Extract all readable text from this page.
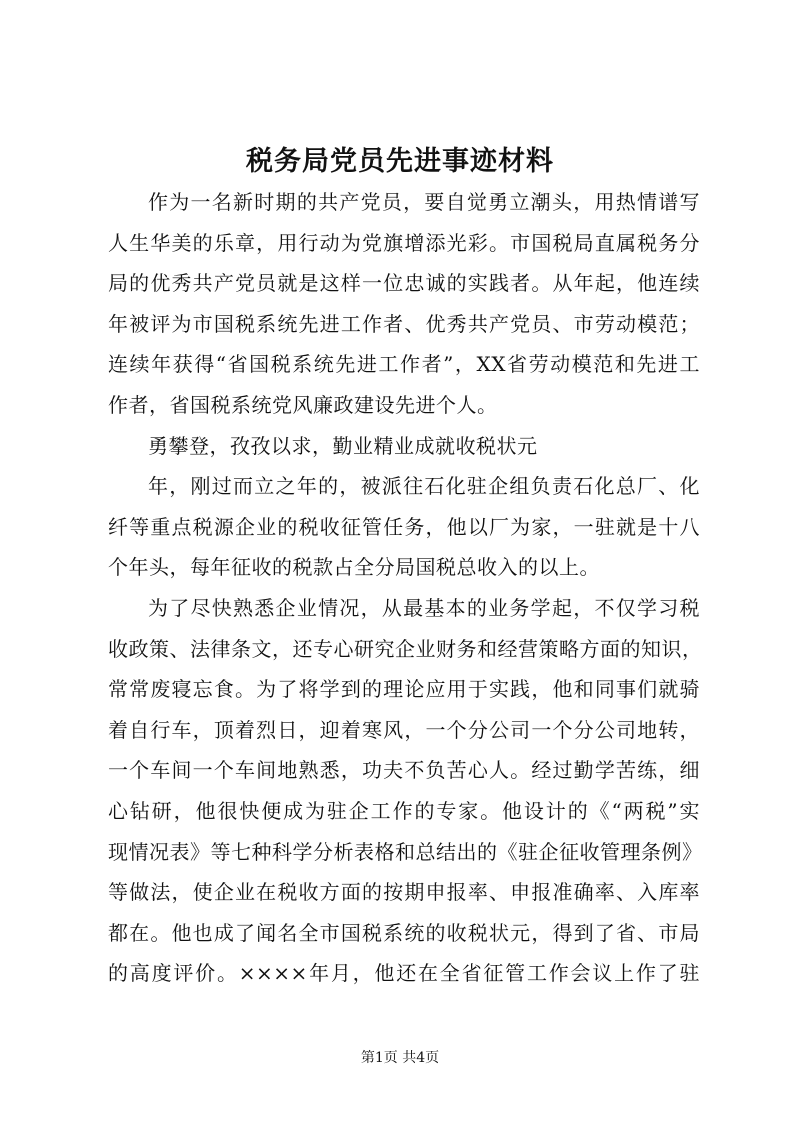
税务局党员先进事迹材料
作为一名新时期的共产党员，要自觉勇立潮头，用热情谱写
人生华美的乐章，用行动为党旗增添光彩。市国税局直属税务分
局的优秀共产党员就是这样一位忠诚的实践者。从年起，他连续
年被评为市国税系统先进工作者、优秀共产党员、市劳动模范；
连续年获得“省国税系统先进工作者”，XX省劳动模范和先进工
作者，省国税系统党风廉政建设先进个人。
勇攀登，孜孜以求，勤业精业成就收税状元
年，刚过而立之年的，被派往石化驻企组负责石化总厂、化
纤等重点税源企业的税收征管任务，他以厂为家，一驻就是十八
个年头，每年征收的税款占全分局国税总收入的以上。
为了尽快熟悉企业情况，从最基本的业务学起，不仅学习税
收政策、法律条文，还专心研究企业财务和经营策略方面的知识，
常常废寝忘食。为了将学到的理论应用于实践，他和同事们就骑
着自行车，顶着烈日，迎着寒风，一个分公司一个分公司地转，
一个车间一个车间地熟悉，功夫不负苦心人。经过勤学苦练，细
心钻研，他很快便成为驻企工作的专家。他设计的《“两税”实
现情况表》等七种科学分析表格和总结出的《驻企征收管理条例》
等做法，使企业在税收方面的按期申报率、申报准确率、入库率
都在。他也成了闻名全市国税系统的收税状元，得到了省、市局
的高度评价。××××年月，他还在全省征管工作会议上作了驻
第1页 共4页
